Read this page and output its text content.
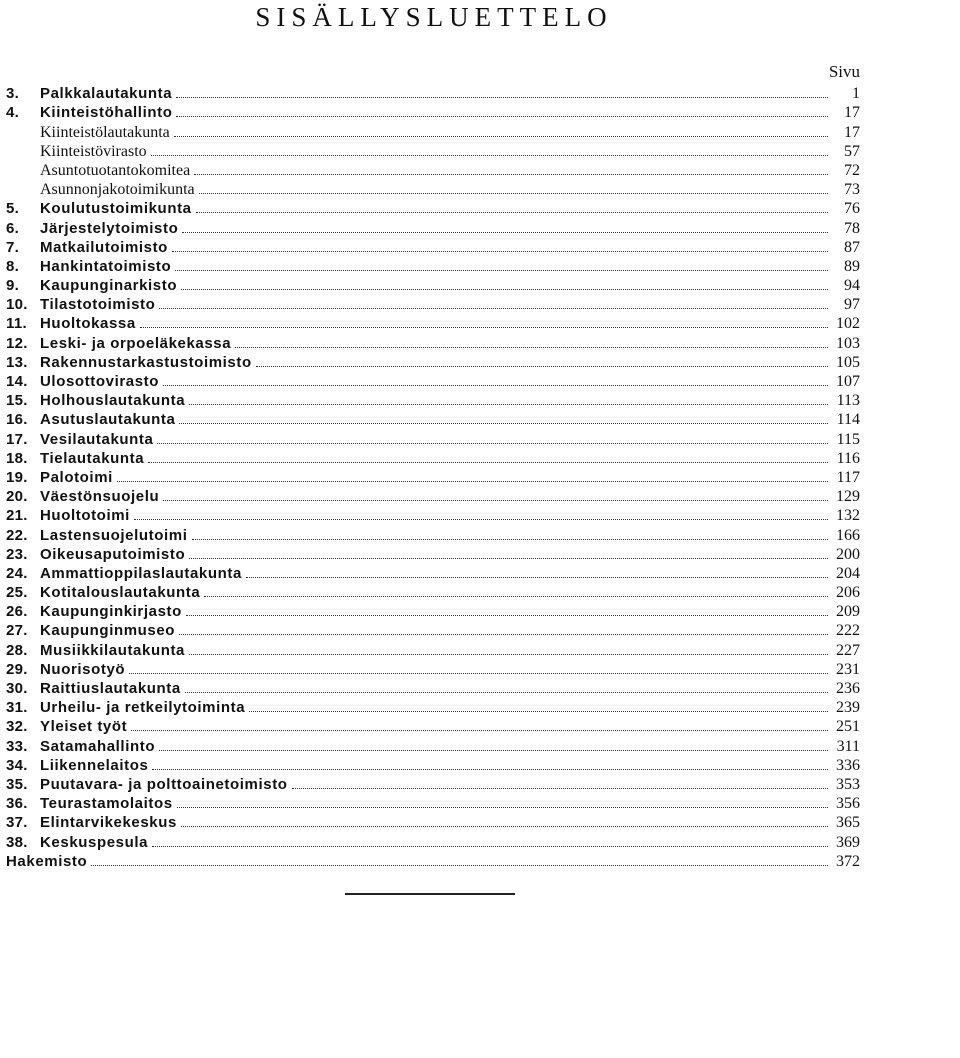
SISÄLLYSLUETTELO
Sivu
3.	Palkkalautakunta	1
4.	Kiinteistöhallinto	17
Kiinteistölautakunta	17
Kiinteistövirasto	57
Asuntotuotantokomitea	72
Asunnonjakotoimikunta	73
5.	Koulutustoimikunta	76
6.	Järjestelytoimisto	78
7.	Matkailutoimisto	87
8.	Hankintatoimisto	89
9.	Kaupunginarkisto	94
10. Tilastotoimisto	97
11. Huoltokassa	102
12. Leski- ja orpoeläkekassa	103
13. Rakennustarkastustoimisto	105
14. Ulosottovirasto	107
15. Holhouslautakunta	113
16. Asutuslautakunta	114
17. Vesilautakunta	115
18. Tielautakunta	116
19. Palotoimi	117
20. Väestönsuojelu	129
21. Huoltotoimi	132
22. Lastensuojelutoimi	166
23. Oikeusaputoimisto	200
24. Ammattioppilaslautakunta	204
25. Kotitalouslautakunta	206
26. Kaupunginkirjasto	209
27. Kaupunginmuseo	222
28. Musiikkilautakunta	227
29. Nuorisotyö	231
30. Raittiuslautakunta	236
31. Urheilu- ja retkeilytoiminta	239
32. Yleiset työt	251
33. Satamahallinto	311
34. Liikennelaitos	336
35. Puutavara- ja polttoainetoimisto	353
36. Teurastamolaitos	356
37. Elintarvikekeskus	365
38. Keskuspesula	369
Hakemisto	372
